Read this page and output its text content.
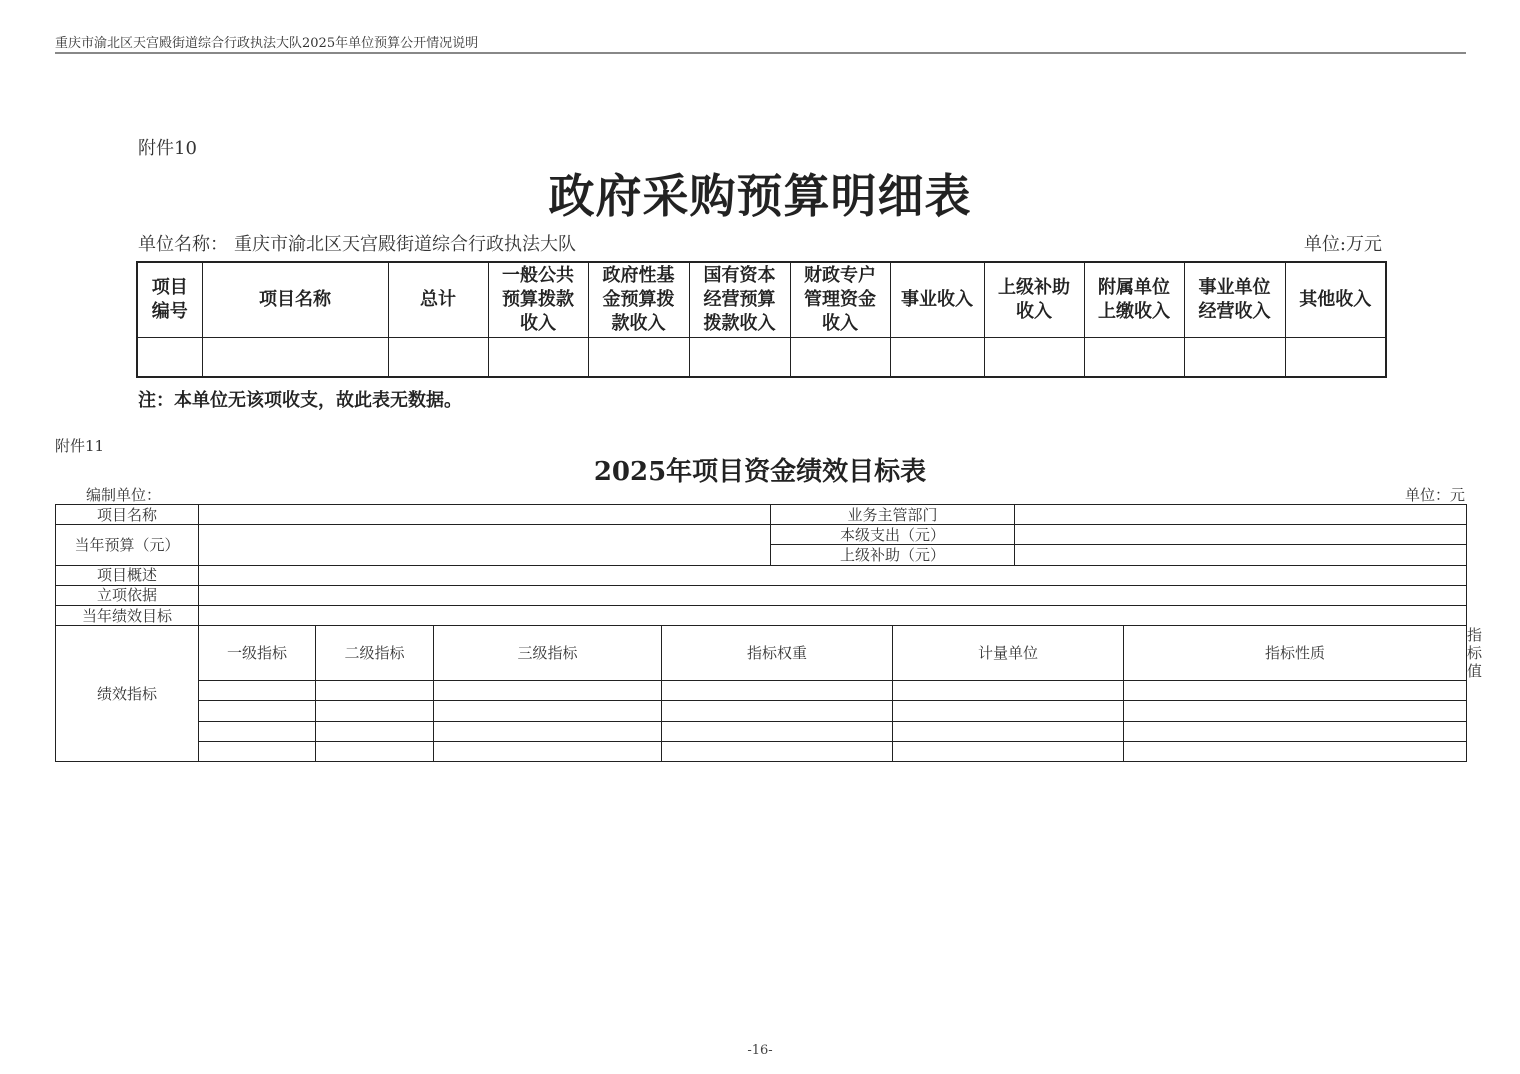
重庆市渝北区天宫殿街道综合行政执法大队2025年单位预算公开情况说明
附件10
政府采购预算明细表
单位名称： 重庆市渝北区天宫殿街道综合行政执法大队	单位:万元
项目编号	项目名称	总计	一般公共预算拨款收入	政府性基金预算拨款收入	国有资本经营预算拨款收入	财政专户管理资金收入	事业收入	上级补助收入	附属单位上缴收入	事业单位经营收入	其他收入

注：本单位无该项收支，故此表无数据。
附件11
2025年项目资金绩效目标表
编制单位：	单位：元
项目名称					业务主管部门				
当年预算（元）					本级支出（元）				
					上级补助（元）				
项目概述									
立项依据									
当年绩效目标									
绩效指标	一级指标	二级指标	三级指标	指标权重		计量单位		指标性质	指标值

-16-
